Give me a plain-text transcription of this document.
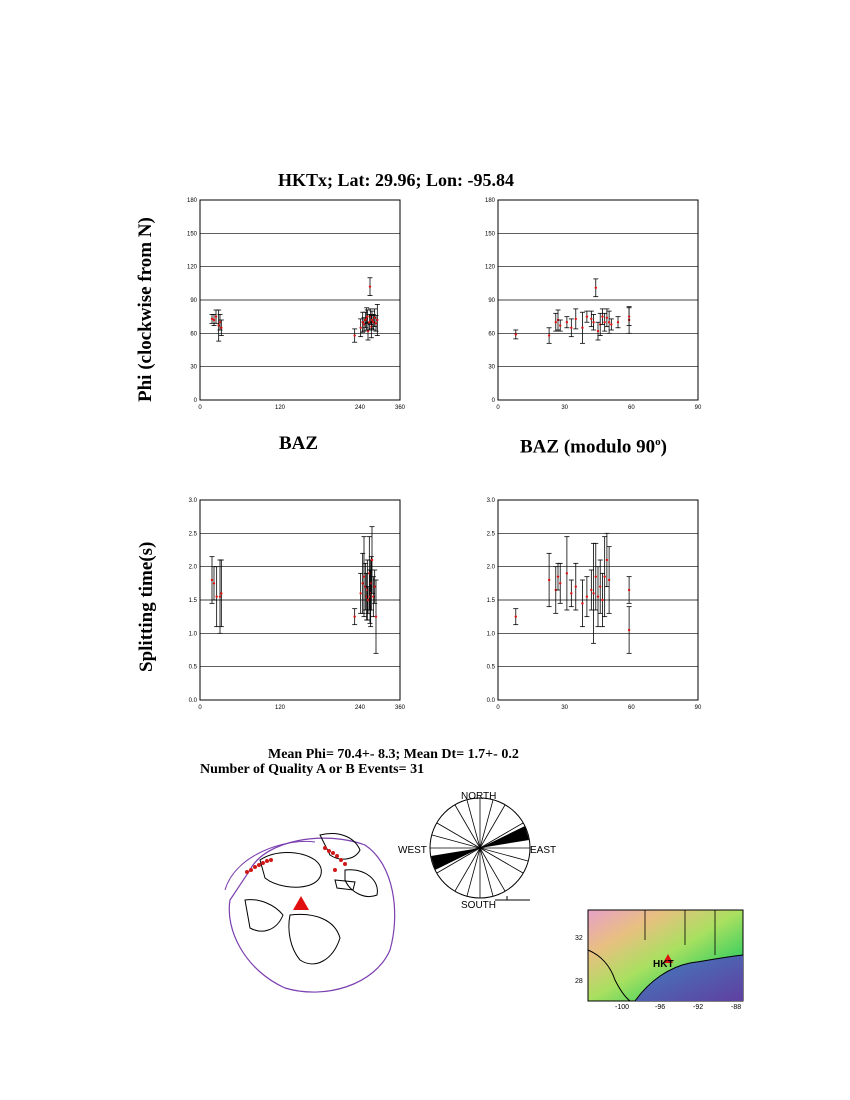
HKTx; Lat: 29.96; Lon: -95.84
Phi (clockwise from N)
Splitting time(s)
BAZ	BAZ (modulo 90$^o$)
0
30
60
90
120
150
180
0	120	240	360
0
30
60
90
120
150
180
0	30	60	90
0.0
0.5
1.0
1.5
2.0
2.5
3.0
0	120	240	360
0.0
0.5
1.0
1.5
2.0
2.5
3.0
0	30	60	90
Mean Phi= 70.4+- 8.3; Mean Dt= 1.7+- 0.2
Number of Quality A or B Events= 31
NORTH
SOUTH
EAST
WEST
HKT
32
28
-100	-96	-92	-88
